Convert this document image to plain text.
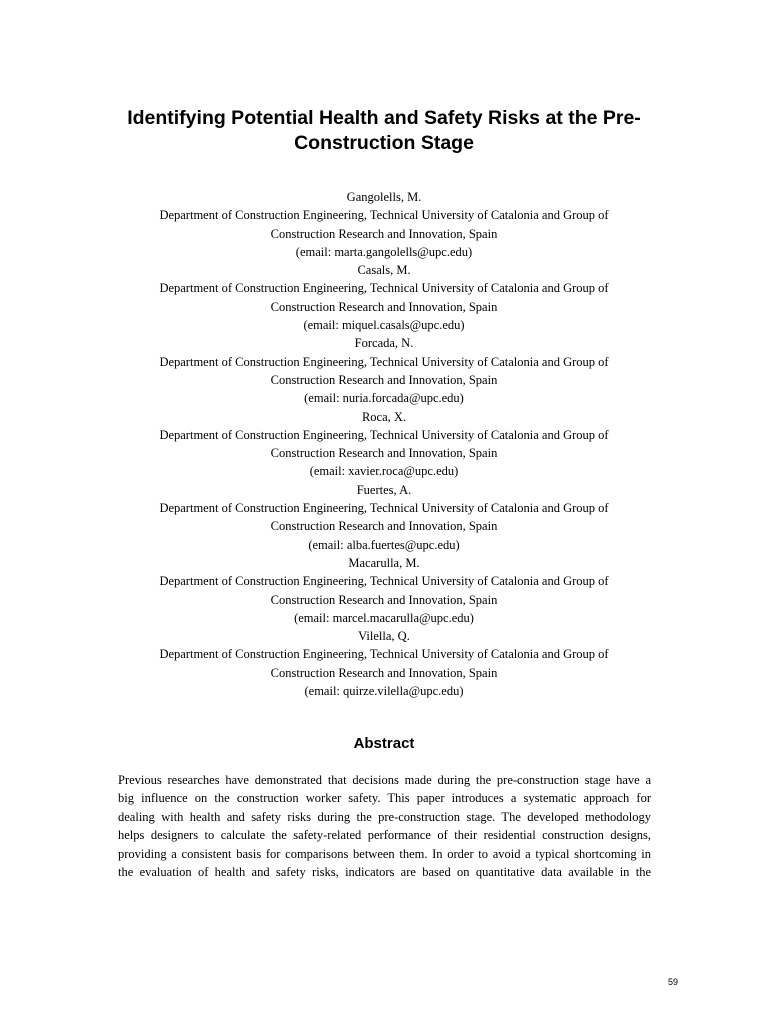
Identifying Potential Health and Safety Risks at the Pre-
Construction Stage
Gangolells, M.
Department of Construction Engineering, Technical University of Catalonia and Group of
Construction Research and Innovation, Spain
(email: marta.gangolells@upc.edu)
Casals, M.
Department of Construction Engineering, Technical University of Catalonia and Group of
Construction Research and Innovation, Spain
(email: miquel.casals@upc.edu)
Forcada, N.
Department of Construction Engineering, Technical University of Catalonia and Group of
Construction Research and Innovation, Spain
(email: nuria.forcada@upc.edu)
Roca, X.
Department of Construction Engineering, Technical University of Catalonia and Group of
Construction Research and Innovation, Spain
(email: xavier.roca@upc.edu)
Fuertes, A.
Department of Construction Engineering, Technical University of Catalonia and Group of
Construction Research and Innovation, Spain
(email: alba.fuertes@upc.edu)
Macarulla, M.
Department of Construction Engineering, Technical University of Catalonia and Group of
Construction Research and Innovation, Spain
(email: marcel.macarulla@upc.edu)
Vilella, Q.
Department of Construction Engineering, Technical University of Catalonia and Group of
Construction Research and Innovation, Spain
(email: quirze.vilella@upc.edu)
Abstract
Previous researches have demonstrated that decisions made during the pre-construction stage have a
big influence on the construction worker safety. This paper introduces a systematic approach for
dealing with health and safety risks during the pre-construction stage. The developed methodology
helps designers to calculate the safety-related performance of their residential construction designs,
providing a consistent basis for comparisons between them. In order to avoid a typical shortcoming in
the evaluation of health and safety risks, indicators are based on quantitative data available in the
59
